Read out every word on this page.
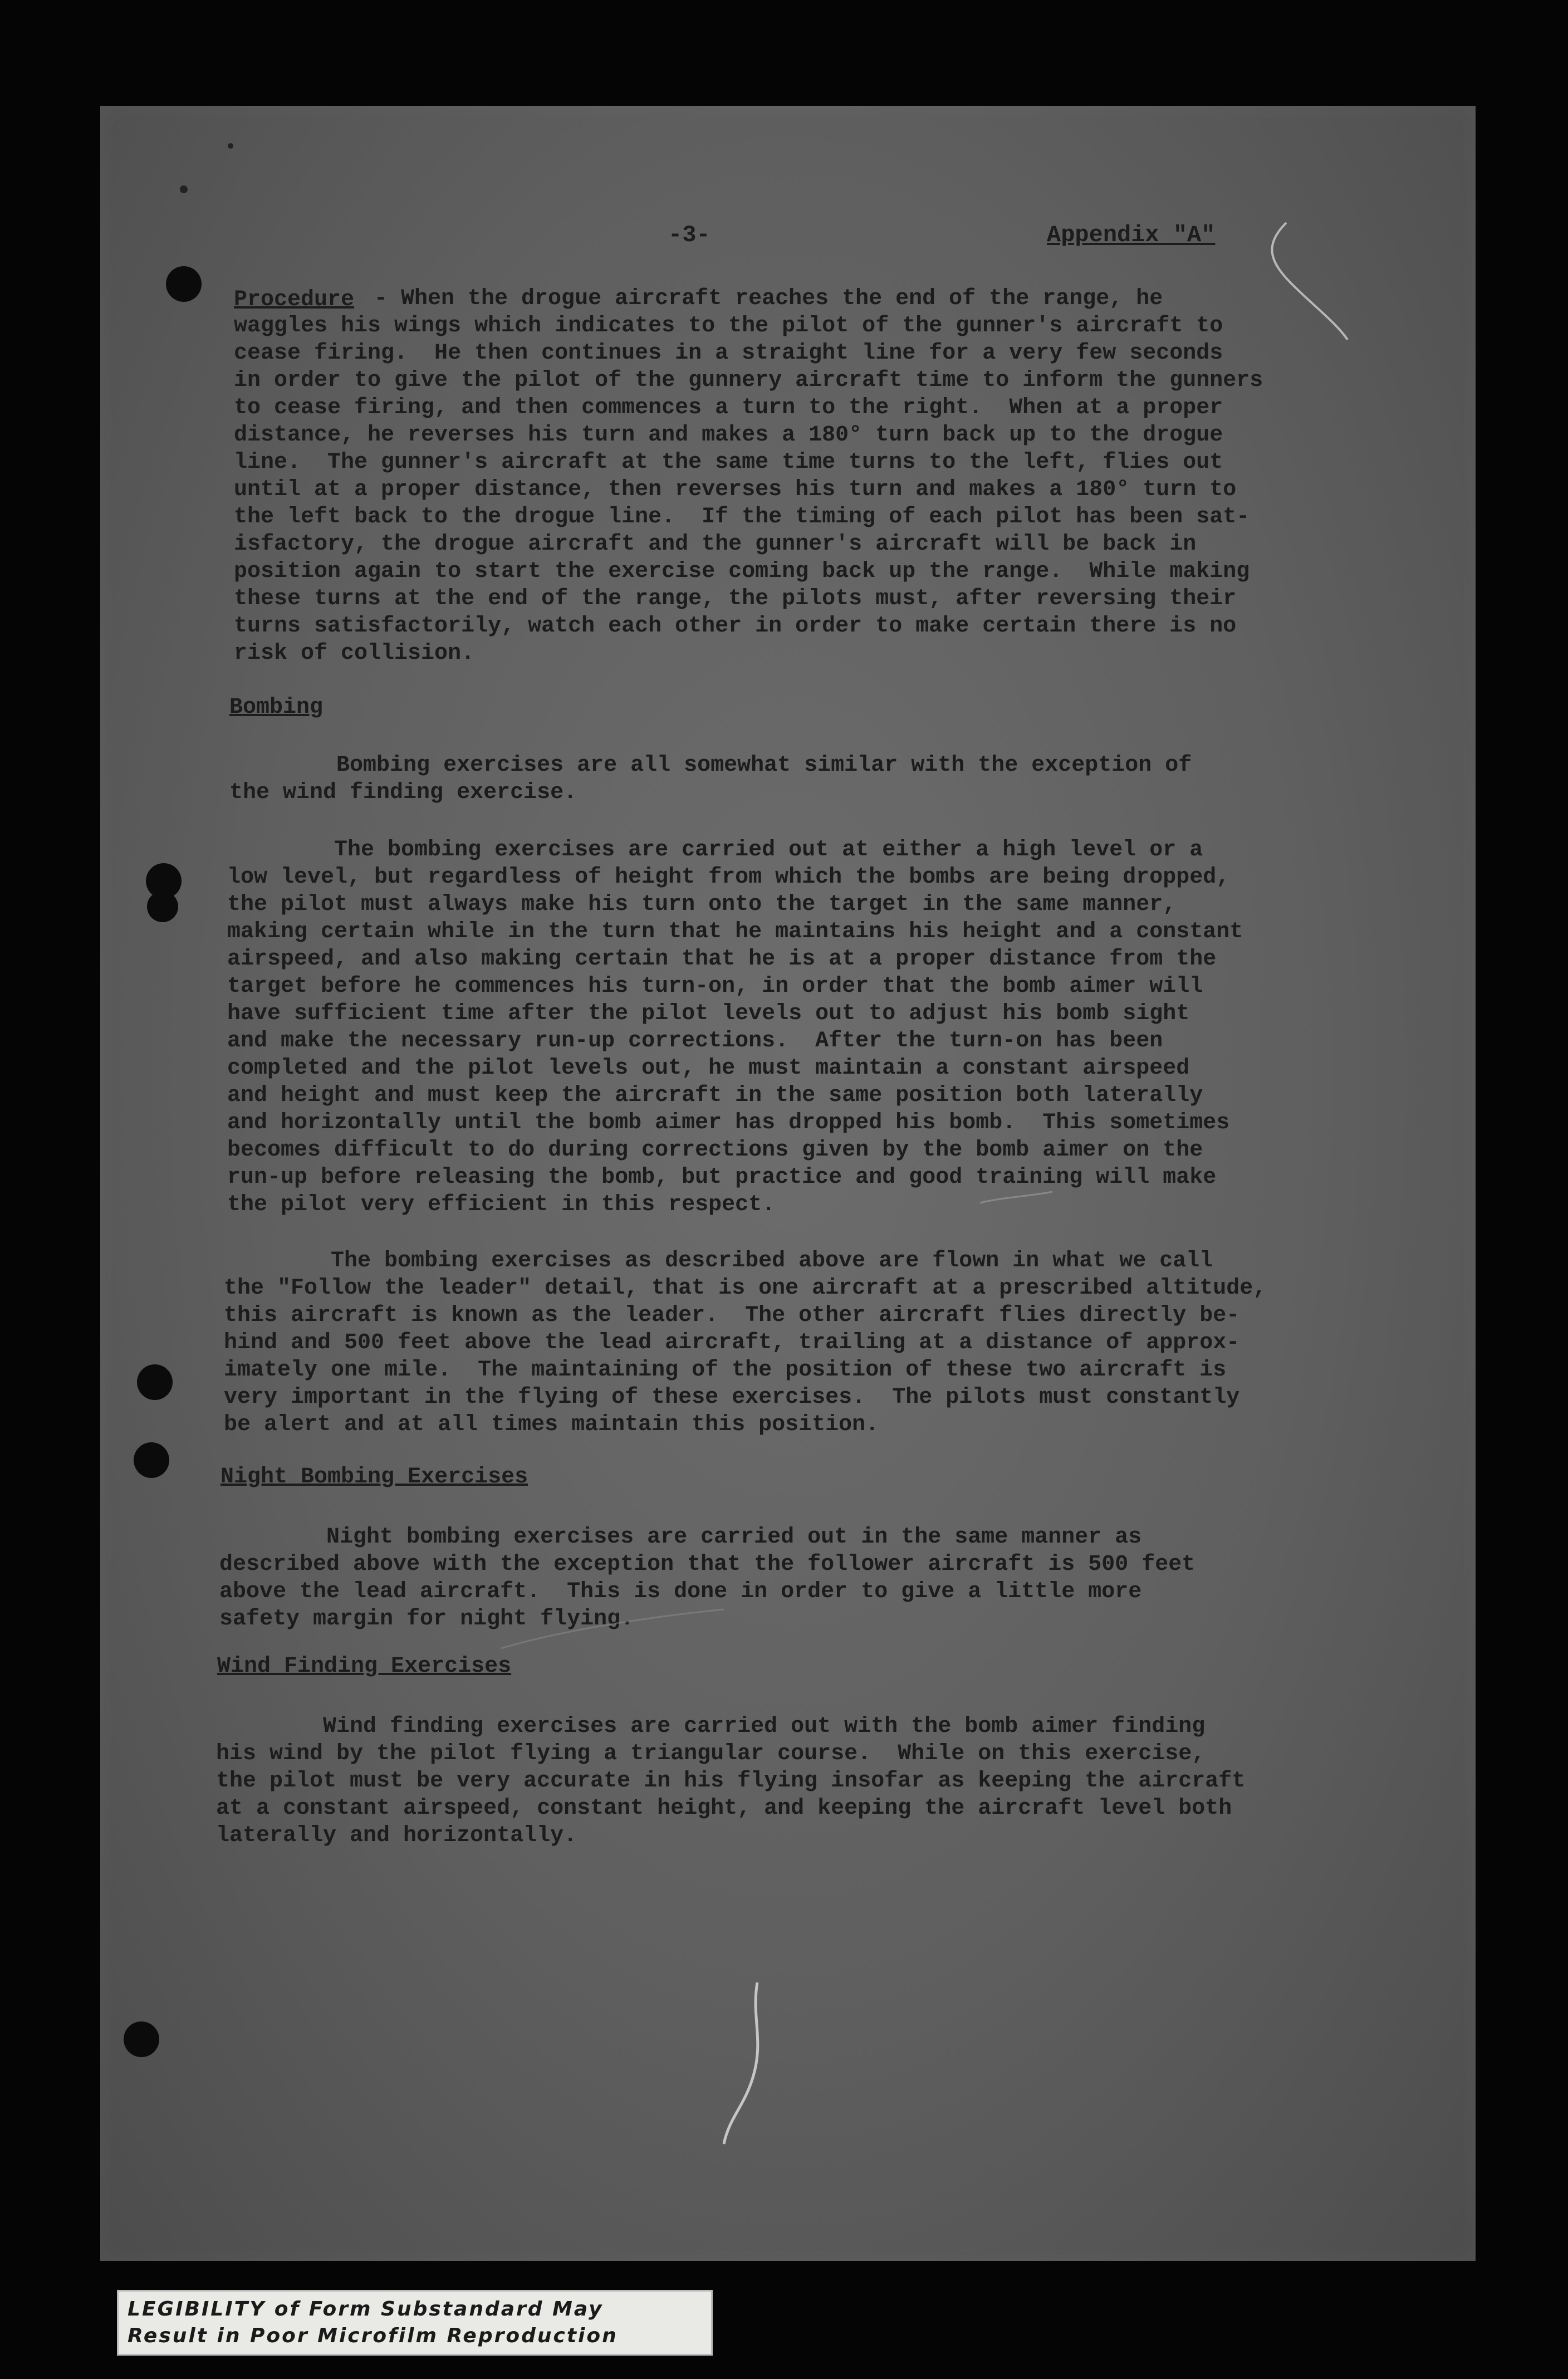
-3-	Appendix "A"
Procedure - When the drogue aircraft reaches the end of the range, he
waggles his wings which indicates to the pilot of the gunner's aircraft to
cease firing.  He then continues in a straight line for a very few seconds
in order to give the pilot of the gunnery aircraft time to inform the gunners
to cease firing, and then commences a turn to the right.  When at a proper
distance, he reverses his turn and makes a 180° turn back up to the drogue
line.  The gunner's aircraft at the same time turns to the left, flies out
until at a proper distance, then reverses his turn and makes a 180° turn to
the left back to the drogue line.  If the timing of each pilot has been sat-
isfactory, the drogue aircraft and the gunner's aircraft will be back in
position again to start the exercise coming back up the range.  While making
these turns at the end of the range, the pilots must, after reversing their
turns satisfactorily, watch each other in order to make certain there is no
risk of collision.
Bombing
Bombing exercises are all somewhat similar with the exception of
the wind finding exercise.
The bombing exercises are carried out at either a high level or a
low level, but regardless of height from which the bombs are being dropped,
the pilot must always make his turn onto the target in the same manner,
making certain while in the turn that he maintains his height and a constant
airspeed, and also making certain that he is at a proper distance from the
target before he commences his turn-on, in order that the bomb aimer will
have sufficient time after the pilot levels out to adjust his bomb sight
and make the necessary run-up corrections.  After the turn-on has been
completed and the pilot levels out, he must maintain a constant airspeed
and height and must keep the aircraft in the same position both laterally
and horizontally until the bomb aimer has dropped his bomb.  This sometimes
becomes difficult to do during corrections given by the bomb aimer on the
run-up before releasing the bomb, but practice and good training will make
the pilot very efficient in this respect.
The bombing exercises as described above are flown in what we call
the "Follow the leader" detail, that is one aircraft at a prescribed altitude,
this aircraft is known as the leader.  The other aircraft flies directly be-
hind and 500 feet above the lead aircraft, trailing at a distance of approx-
imately one mile.  The maintaining of the position of these two aircraft is
very important in the flying of these exercises.  The pilots must constantly
be alert and at all times maintain this position.
Night Bombing Exercises
Night bombing exercises are carried out in the same manner as
described above with the exception that the follower aircraft is 500 feet
above the lead aircraft.  This is done in order to give a little more
safety margin for night flying.
Wind Finding Exercises
Wind finding exercises are carried out with the bomb aimer finding
his wind by the pilot flying a triangular course.  While on this exercise,
the pilot must be very accurate in his flying insofar as keeping the aircraft
at a constant airspeed, constant height, and keeping the aircraft level both
laterally and horizontally.
LEGIBILITY of Form Substandard May
Result in Poor Microfilm Reproduction
